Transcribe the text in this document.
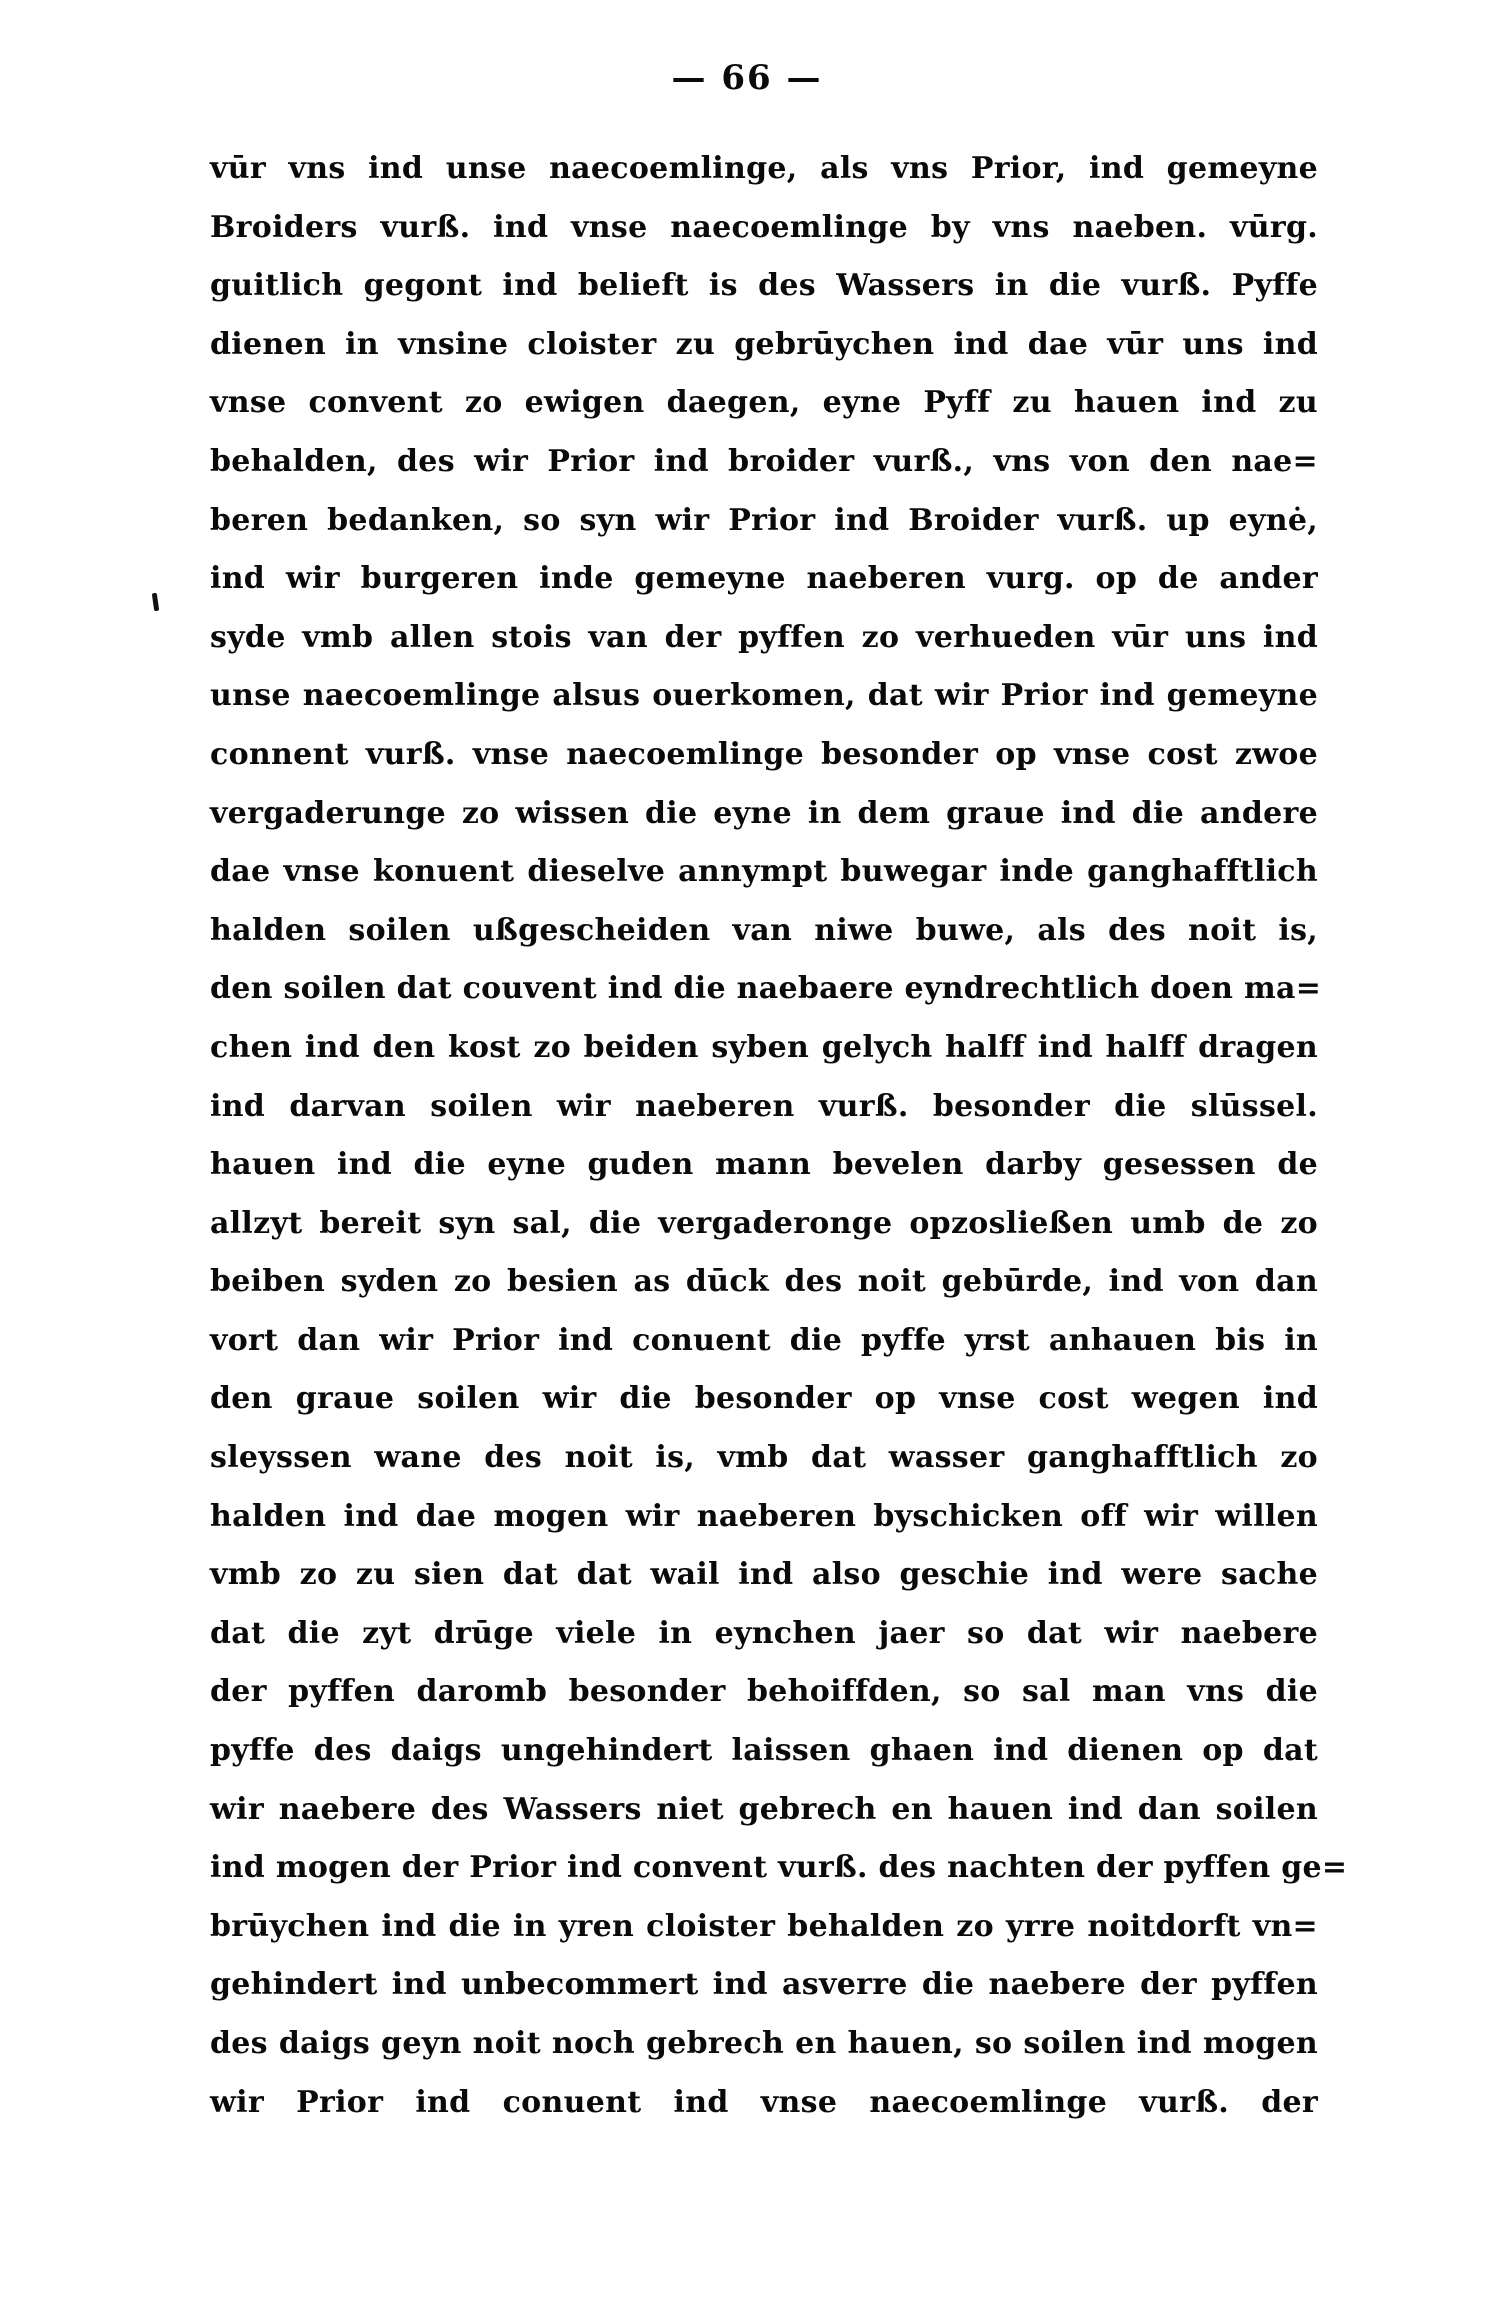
— 66 —
vūr vns ind unse naecoemlinge, als vns Prior, ind gemeyne
Broiders vurß. ind vnse naecoemlinge by vns naeben. vūrg.
guitlich gegont ind belieft is des Wassers in die vurß. Pyffe
dienen in vnsine cloister zu gebrūychen ind dae vūr uns ind
vnse convent zo ewigen daegen, eyne Pyff zu hauen ind zu
behalden, des wir Prior ind broider vurß., vns von den nae=
beren bedanken, so syn wir Prior ind Broider vurß. up eynė,
ind wir burgeren inde gemeyne naeberen vurg. op de ander
syde vmb allen stois van der pyffen zo verhueden vūr uns ind
unse naecoemlinge alsus ouerkomen, dat wir Prior ind gemeyne
connent vurß. vnse naecoemlinge besonder op vnse cost zwoe
vergaderunge zo wissen die eyne in dem graue ind die andere
dae vnse konuent dieselve annympt buwegar inde ganghafftlich
halden soilen ußgescheiden van niwe buwe, als des noit is,
den soilen dat couvent ind die naebaere eyndrechtlich doen ma=
chen ind den kost zo beiden syben gelych halff ind halff dragen
ind darvan soilen wir naeberen vurß. besonder die slūssel.
hauen ind die eyne guden mann bevelen darby gesessen de
allzyt bereit syn sal, die vergaderonge opzosließen umb de zo
beiben syden zo besien as dūck des noit gebūrde, ind von dan
vort dan wir Prior ind conuent die pyffe yrst anhauen bis in
den graue soilen wir die besonder op vnse cost wegen ind
sleyssen wane des noit is, vmb dat wasser ganghafftlich zo
halden ind dae mogen wir naeberen byschicken off wir willen
vmb zo zu sien dat dat wail ind also geschie ind were sache
dat die zyt drūge viele in eynchen jaer so dat wir naebere
der pyffen daromb besonder behoiffden, so sal man vns die
pyffe des daigs ungehindert laissen ghaen ind dienen op dat
wir naebere des Wassers niet gebrech en hauen ind dan soilen
ind mogen der Prior ind convent vurß. des nachten der pyffen ge=
brūychen ind die in yren cloister behalden zo yrre noitdorft vn=
gehindert ind unbecommert ind asverre die naebere der pyffen
des daigs geyn noit noch gebrech en hauen, so soilen ind mogen
wir Prior ind conuent ind vnse naecoemlinge vurß. der
